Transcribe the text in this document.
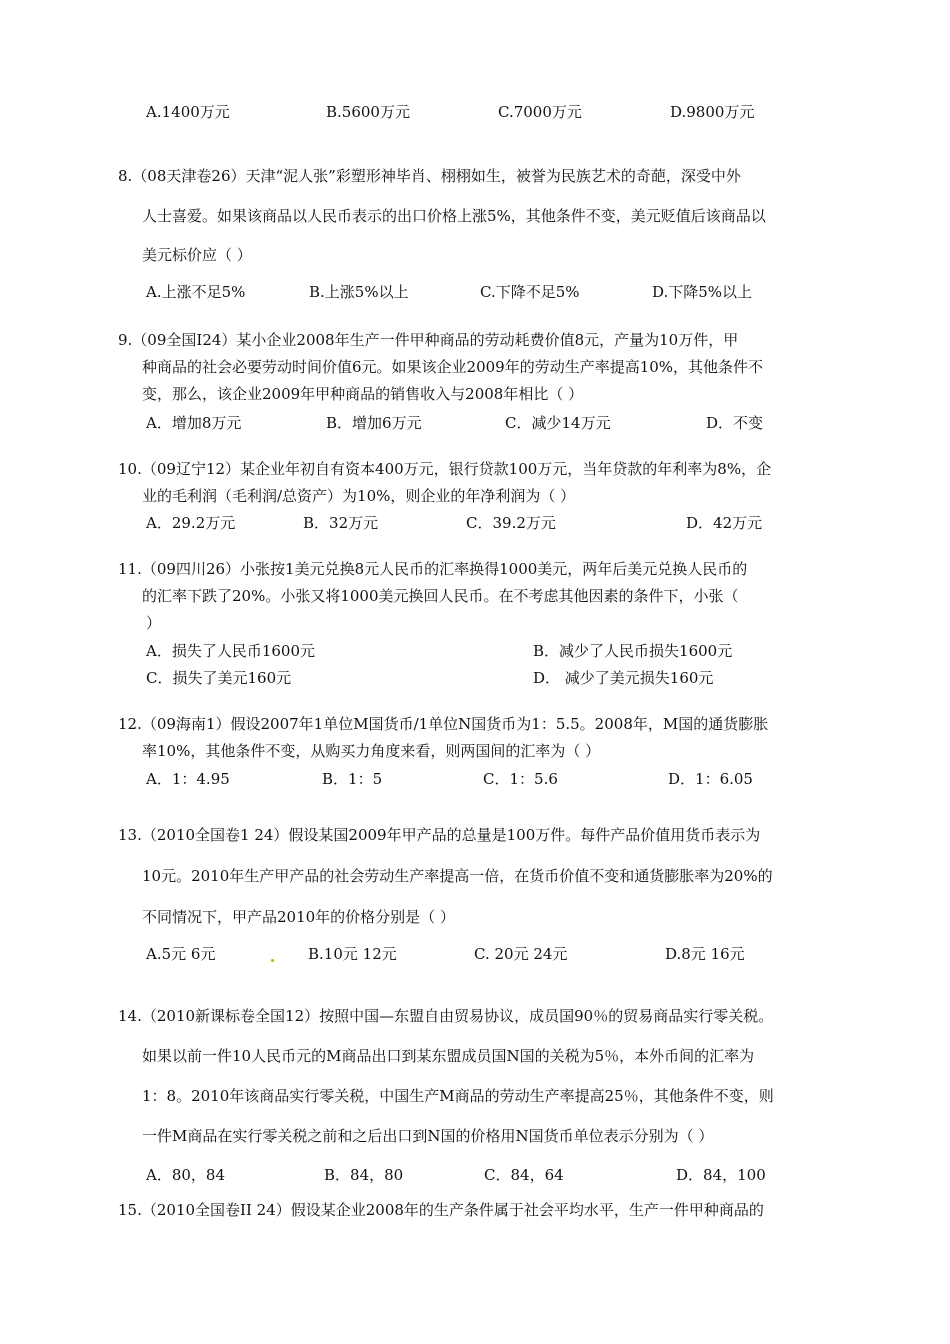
A.1400万元	B.5600万元	C.7000万元	D.9800万元
8.（08天津卷26）天津“泥人张”彩塑形神毕肖、栩栩如生，被誉为民族艺术的奇葩，深受中外
人士喜爱。如果该商品以人民币表示的出口价格上涨5%，其他条件不变，美元贬值后该商品以
美元标价应（ ）
A.上涨不足5%	B.上涨5%以上	C.下降不足5%	D.下降5%以上
9.（09全国Ⅰ24）某小企业2008年生产一件甲种商品的劳动耗费价值8元，产量为10万件，甲
种商品的社会必要劳动时间价值6元。如果该企业2009年的劳动生产率提高10%，其他条件不
变，那么，该企业2009年甲种商品的销售收入与2008年相比（ ）
A．增加8万元	B．增加6万元	C．减少14万元	D．不变
10.（09辽宁12）某企业年初自有资本400万元，银行贷款100万元，当年贷款的年利率为8%，企
业的毛利润（毛利润/总资产）为10%，则企业的年净利润为（ ）
A．29.2万元	B．32万元	C．39.2万元	D．42万元
11.（09四川26）小张按1美元兑换8元人民币的汇率换得1000美元，两年后美元兑换人民币的
的汇率下跌了20%。小张又将1000美元换回人民币。在不考虑其他因素的条件下，小张（
）
A．损失了人民币1600元	B．减少了人民币损失1600元
C．损失了美元160元	D． 减少了美元损失160元
12.（09海南1）假设2007年1单位M国货币/1单位N国货币为1：5.5。2008年，M国的通货膨胀
率10%，其他条件不变，从购买力角度来看，则两国间的汇率为（ ）
A．1：4.95	B．1：5	C．1：5.6	D．1：6.05
13.（2010全国卷1 24）假设某国2009年甲产品的总量是100万件。每件产品价值用货币表示为
10元。2010年生产甲产品的社会劳动生产率提高一倍，在货币价值不变和通货膨胀率为20%的
不同情况下，甲产品2010年的价格分别是（ ）
A.5元 6元	B.10元 12元	C. 20元 24元	D.8元 16元
14.（2010新课标卷全国12）按照中国—东盟自由贸易协议，成员国90％的贸易商品实行零关税。
如果以前一件10人民币元的M商品出口到某东盟成员国N国的关税为5％，本外币间的汇率为
1：8。2010年该商品实行零关税，中国生产M商品的劳动生产率提高25％，其他条件不变，则
一件M商品在实行零关税之前和之后出口到N国的价格用N国货币单位表示分别为（ ）
A．80，84	B．84，80	C．84，64	D．84，100
15.（2010全国卷II 24）假设某企业2008年的生产条件属于社会平均水平，生产一件甲种商品的
